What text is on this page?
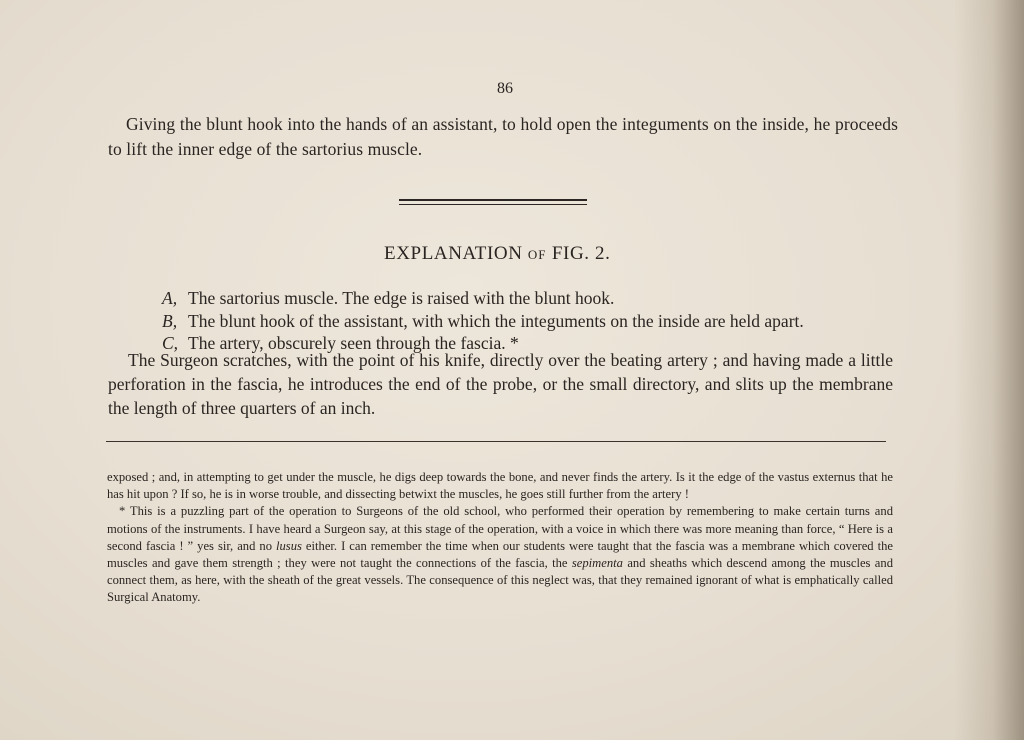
86
Giving the blunt hook into the hands of an assistant, to hold open the integuments on the inside, he proceeds to lift the inner edge of the sartorius muscle.
EXPLANATION OF FIG. 2.
A, The sartorius muscle. The edge is raised with the blunt hook.
B, The blunt hook of the assistant, with which the integuments on the inside are held apart.
C, The artery, obscurely seen through the fascia. *
The Surgeon scratches, with the point of his knife, directly over the beating artery ; and having made a little perforation in the fascia, he introduces the end of the probe, or the small directory, and slits up the membrane the length of three quarters of an inch.

exposed ; and, in attempting to get under the muscle, he digs deep towards the bone, and never finds the artery. Is it the edge of the vastus externus that he has hit upon ? If so, he is in worse trouble, and dissecting betwixt the muscles, he goes still further from the artery !

* This is a puzzling part of the operation to Surgeons of the old school, who performed their operation by remembering to make certain turns and motions of the instruments. I have heard a Surgeon say, at this stage of the operation, with a voice in which there was more meaning than force, “ Here is a second fascia ! ” yes sir, and no lusus either. I can remember the time when our students were taught that the fascia was a membrane which covered the muscles and gave them strength ; they were not taught the connections of the fascia, the sepimenta and sheaths which descend among the muscles and connect them, as here, with the sheath of the great vessels. The consequence of this neglect was, that they remained ignorant of what is emphatically called Surgical Anatomy.
